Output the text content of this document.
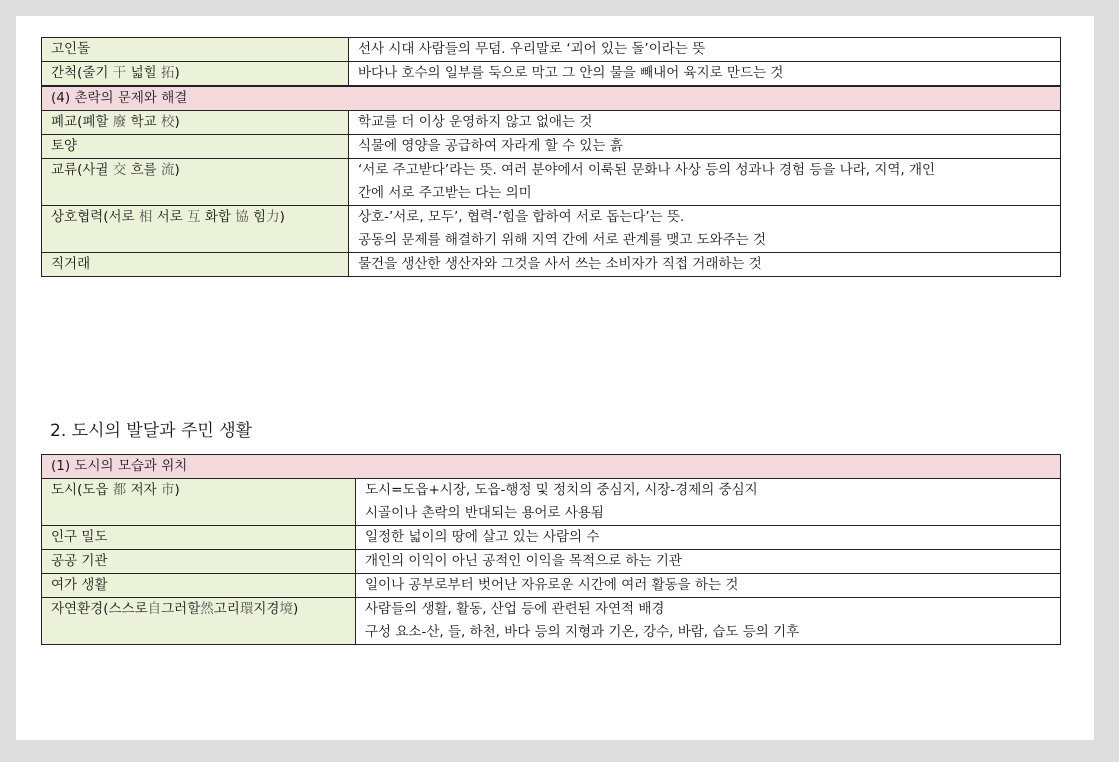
고인돌	선사 시대 사람들의 무덤. 우리말로 ‘괴어 있는 돌’이라는 뜻

간척(줄기 干 넓힐 拓)	바다나 호수의 일부를 둑으로 막고 그 안의 물을 빼내어 육지로 만드는 것

(4) 촌락의 문제와 해결	
폐교(폐할 廢 학교 校)	학교를 더 이상 운영하지 않고 없애는 것

토양	식물에 영양을 공급하여 자라게 할 수 있는 흙

교류(사귈 交 흐를 流)	‘서로 주고받다’라는 뜻. 여러 분야에서 이룩된 문화나 사상 등의 성과나 경험 등을 나라, 지역, 개인
간에 서로 주고받는 다는 의미

상호협력(서로 相 서로 互 화합 協 힘力)	상호-’서로, 모두’, 협력-’힘을 합하여 서로 돕는다’는 뜻.
공동의 문제를 해결하기 위해 지역 간에 서로 관계를 맺고 도와주는 것

직거래	물건을 생산한 생산자와 그것을 사서 쓰는 소비자가 직접 거래하는 것
2. 도시의 발달과 주민 생활
(1) 도시의 모습과 위치	
도시(도읍 都 저자 市)	도시=도읍+시장, 도읍-행정 및 정치의 중심지, 시장-경제의 중심지
시골이나 촌락의 반대되는 용어로 사용됨

인구 밀도	일정한 넓이의 땅에 살고 있는 사람의 수

공공 기관	개인의 이익이 아닌 공적인 이익을 목적으로 하는 기관

여가 생활	일이나 공부로부터 벗어난 자유로운 시간에 여러 활동을 하는 것

자연환경(스스로自그러할然고리環지경境)	사람들의 생활, 활동, 산업 등에 관련된 자연적 배경
구성 요소-산, 들, 하천, 바다 등의 지형과 기온, 강수, 바람, 습도 등의 기후
